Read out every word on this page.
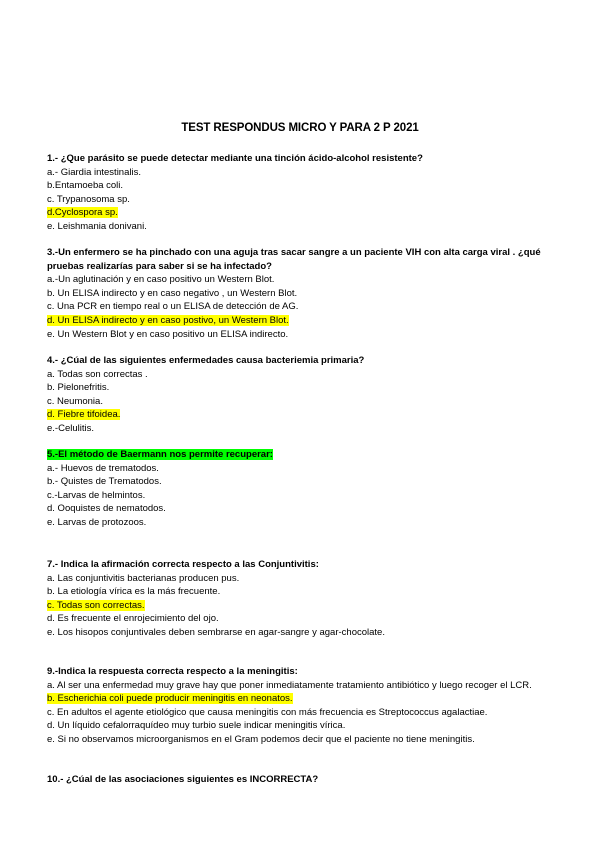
TEST RESPONDUS MICRO Y PARA 2 P 2021

1.- ¿Que parásito se puede detectar mediante una tinción ácido-alcohol resistente?

a.- Giardia intestinalis.

b.Entamoeba coli.

c. Trypanosoma sp.

d.Cyclospora sp.

e. Leishmania donivani.

3.-Un enfermero se ha pinchado con una aguja tras sacar sangre a un paciente VIH con alta carga viral . ¿qué pruebas realizarías para saber si se ha infectado?

a.-Un aglutinación y en caso positivo un Western Blot.

b. Un ELISA indirecto y en caso negativo , un Western Blot.

c. Una PCR en tiempo real o un ELISA de detección de AG.

d. Un ELISA indirecto y en caso postivo, un Western Blot.

e. Un Western Blot y en caso positivo un ELISA indirecto.

4.- ¿Cúal de las siguientes enfermedades causa bacteriemia primaria?

a. Todas son correctas .

b. Pielonefritis.

c. Neumonia.

d. Fiebre tifoidea.

e.-Celulitis.

5.-El método de Baermann nos permite recuperar:

a.- Huevos de trematodos.

b.- Quistes de Trematodos.

c.-Larvas de helmintos.

d. Ooquistes de nematodos.

e. Larvas de protozoos.

7.- Indica la afirmación correcta respecto a las Conjuntivitis:

a. Las conjuntivitis bacterianas producen pus.

b. La etiología vírica es la más frecuente.

c. Todas son correctas.

d. Es frecuente el enrojecimiento del ojo.

e. Los hisopos conjuntivales deben sembrarse en agar-sangre y agar-chocolate.

9.-Indica la respuesta correcta respecto a la meningitis:

a. Al ser una enfermedad muy grave hay que poner inmediatamente tratamiento antibiótico y luego recoger el LCR.

b. Escherichia coli puede producir meningitis en neonatos.

c. En adultos el agente etiológico que causa meningitis con más frecuencia es Streptococcus agalactiae.

d. Un líquido cefalorraquídeo muy turbio suele indicar meningitis vírica.

e. Si no observamos microorganismos en el Gram podemos decir que el paciente no tiene meningitis.

10.- ¿Cúal de las asociaciones siguientes es INCORRECTA?
